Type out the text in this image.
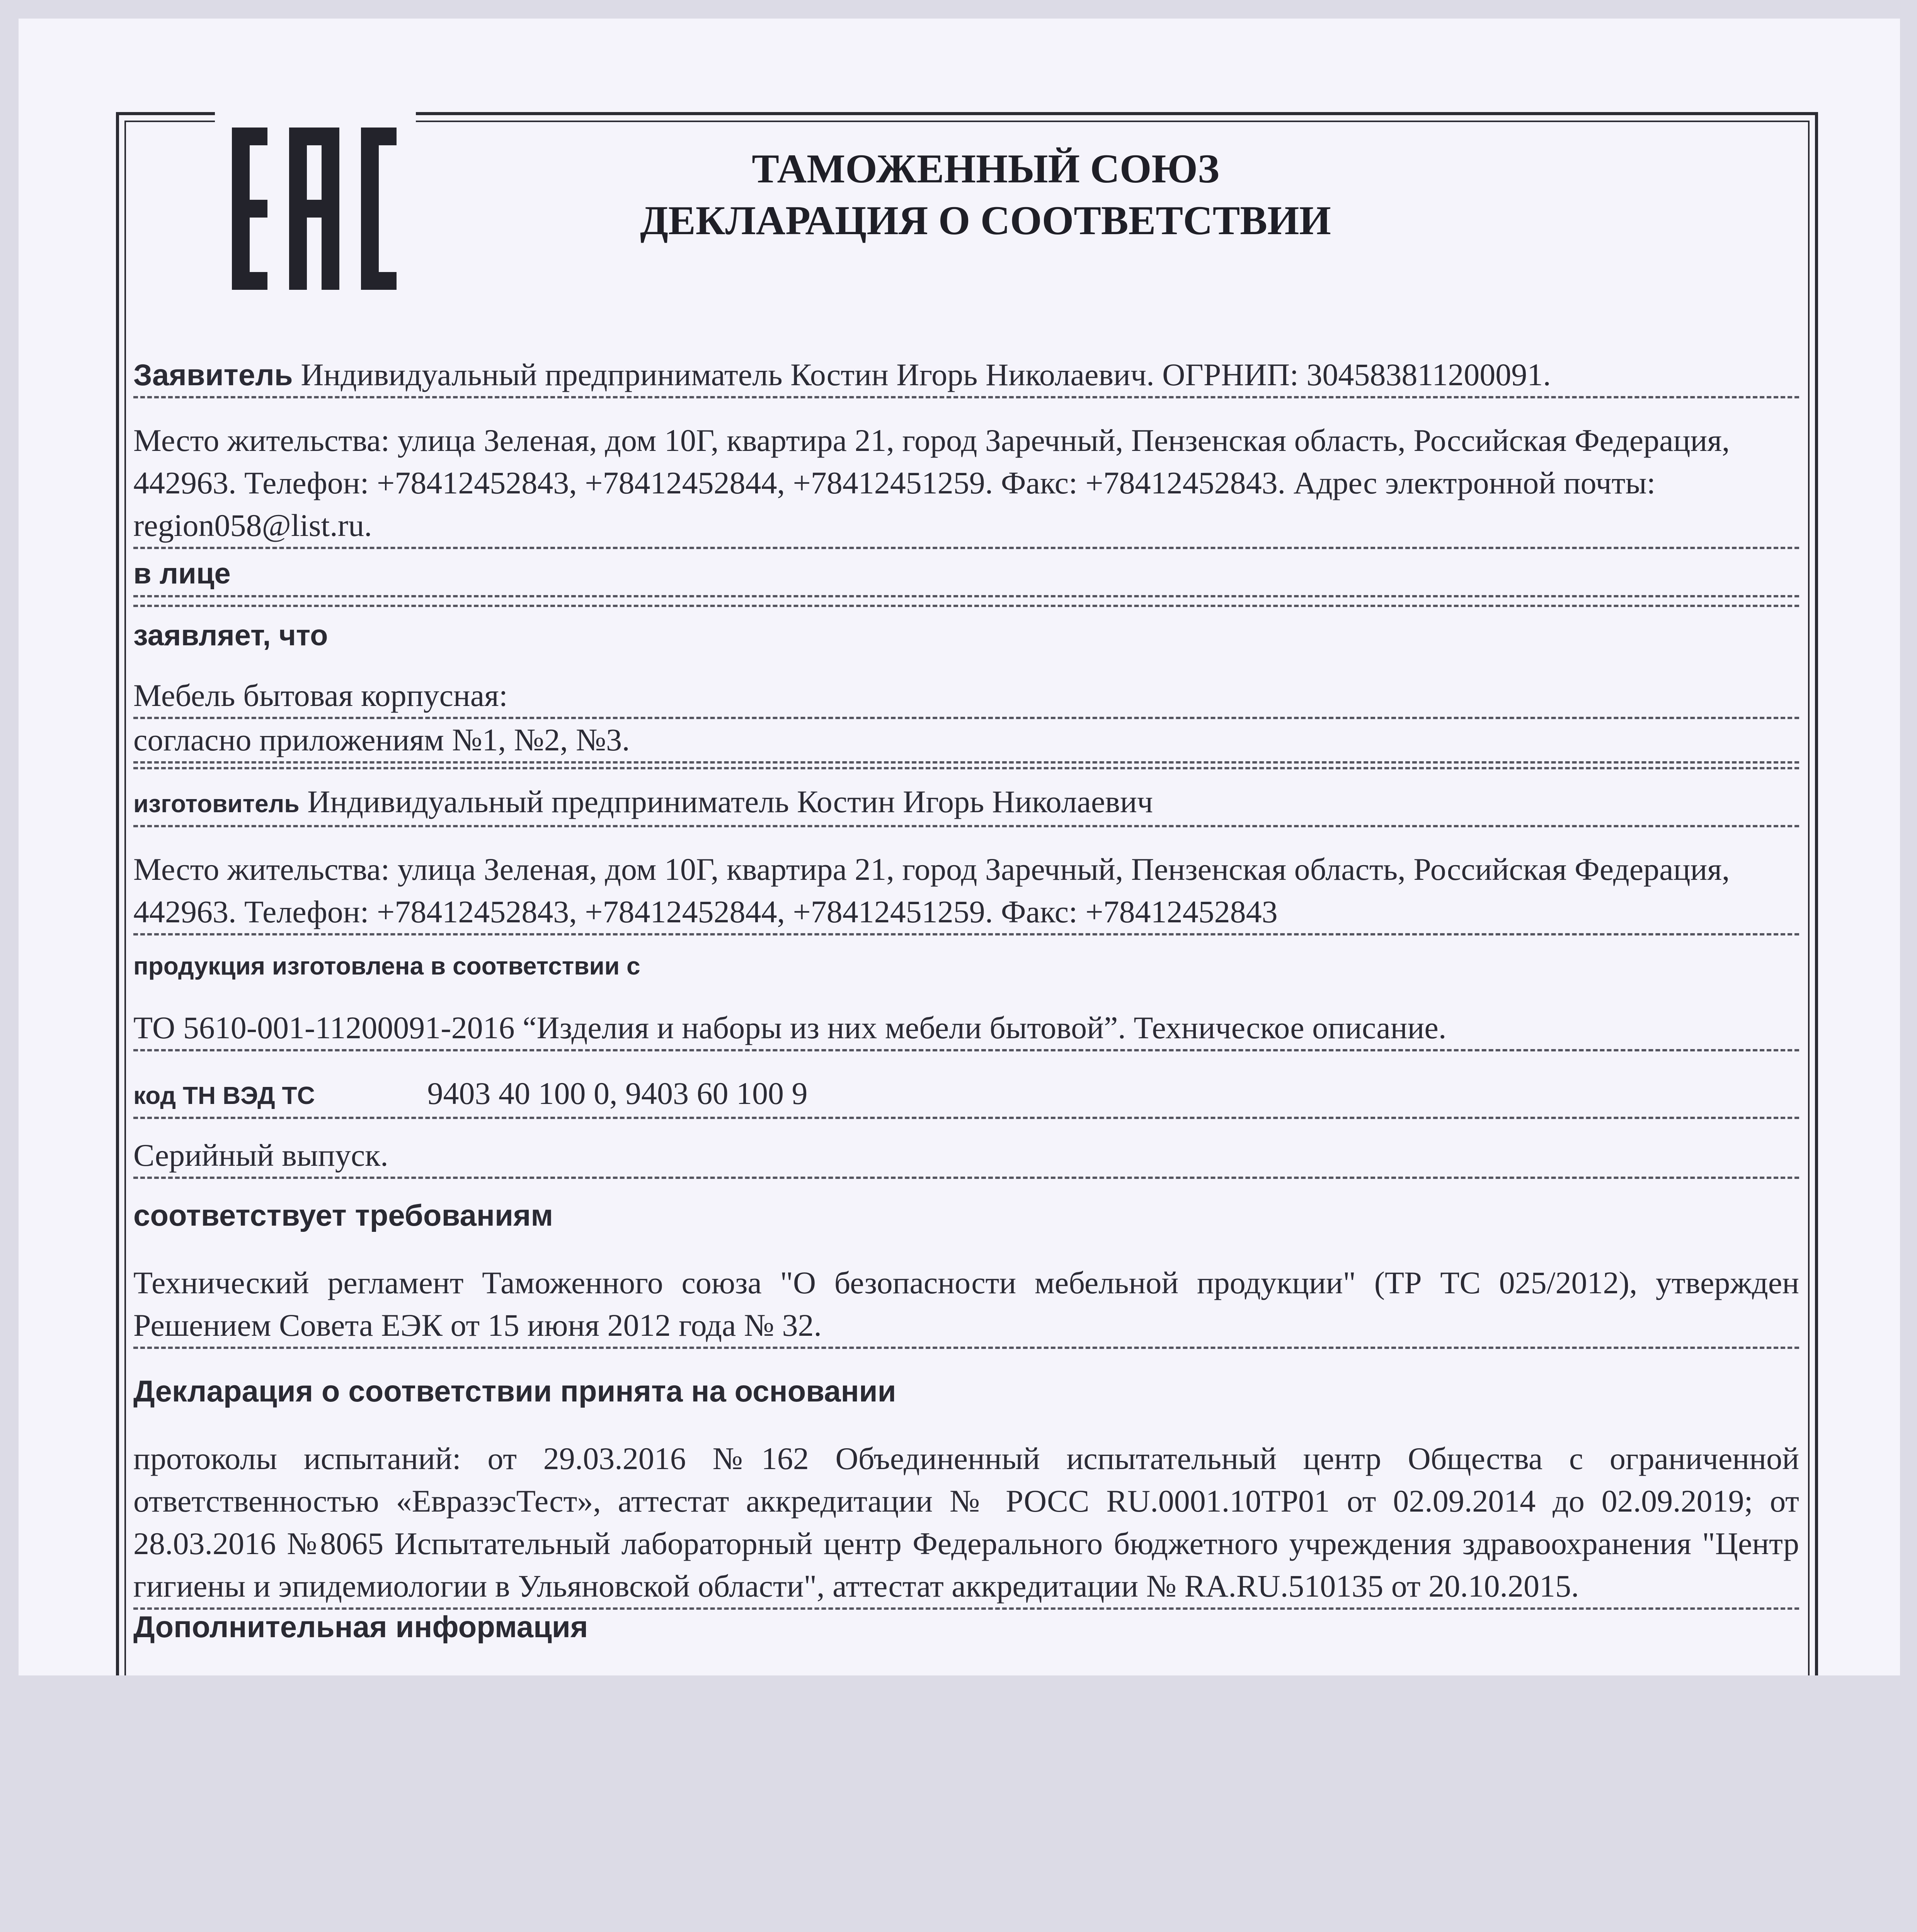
ТАМОЖЕННЫЙ СОЮЗ
ДЕКЛАРАЦИЯ О СООТВЕТСТВИИ
Заявитель Индивидуальный предприниматель Костин Игорь Николаевич. ОГРНИП: 304583811200091.
Место жительства: улица Зеленая, дом 10Г, квартира 21, город Заречный, Пензенская область, Российская Федерация, 442963. Телефон: +78412452843, +78412452844, +78412451259. Факс: +78412452843. Адрес электронной почты: region058@list.ru.
в лице
заявляет, что
Мебель бытовая корпусная:
согласно приложениям №1, №2, №3.
изготовитель Индивидуальный предприниматель Костин Игорь Николаевич
Место жительства: улица Зеленая, дом 10Г, квартира 21, город Заречный, Пензенская область, Российская Федерация, 442963. Телефон: +78412452843, +78412452844, +78412451259. Факс: +78412452843
продукция изготовлена в соответствии с
ТО 5610-001-11200091-2016 “Изделия и наборы из них мебели бытовой”. Техническое описание.
код ТН ВЭД ТС	9403 40 100 0, 9403 60 100 9
Серийный выпуск.
соответствует требованиям
Технический регламент Таможенного союза "О безопасности мебельной продукции" (ТР ТС 025/2012), утвержден Решением Совета ЕЭК от 15 июня 2012 года № 32.
Декларация о соответствии принята на основании
протоколы испытаний: от 29.03.2016 №162 Объединенный испытательный центр Общества с ограниченной ответственностью «ЕвразэсТест», аттестат аккредитации № РОСС RU.0001.10ТР01 от 02.09.2014 до 02.09.2019; от 28.03.2016 №8065 Испытательный лабораторный центр Федерального бюджетного учреждения здравоохранения "Центр гигиены и эпидемиологии в Ульяновской области", аттестат аккредитации № RA.RU.510135 от 20.10.2015.
Дополнительная информация
